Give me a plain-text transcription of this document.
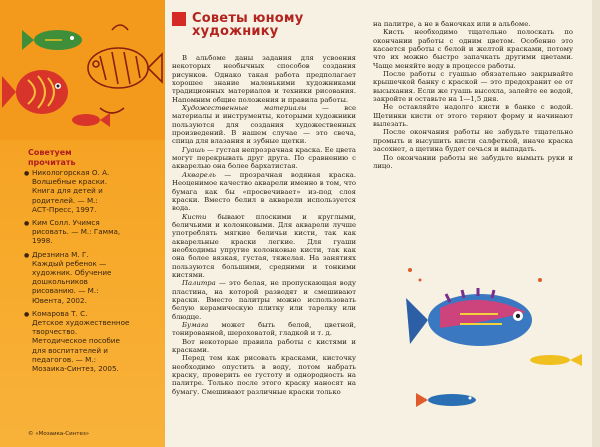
Советуем
прочитать
● Никологорская О. А.
Волшебные краски.
Книга для детей и
родителей. — М.:
АСТ-Пресс, 1997.
● Ким Солл. Учимся
рисовать. — М.: Гамма,
1998.
● Дрезнина М. Г.
Каждый ребенок —
художник. Обучение
дошкольников
рисованию. — М.:
Ювента, 2002.
● Комарова Т. С.
Детское художественное
творчество.
Методическое пособие
для воспитателей и
педагогов. — М.:
Мозаика-Синтез, 2005.
© «Мозаика-Синтез»
Советы юному
художнику

В альбоме даны задания для усвоения некоторых необычных способов создания рисунков. Однако такая работа предполагает хорошее знание маленькими художниками традиционных материалов и техники рисования. Напомним общие положения и правила работы.

Художественные материалы — все материалы и инструменты, которыми художники пользуются для создания художественных произведений. В нашем случае — это свеча, спица для влазания и зубные щетки.

Гуашь — густая непрозрачная краска. Ее цвета могут перекрывать друг друга. По сравнению с акварелью она более бархатистая.

Акварель — прозрачная водяная краска. Неоценимое качество акварели именно в том, что бумага как бы «просвечивает» из-под слоя краски. Вместо белил в акварели используется вода.

Кисти бывают плоскими и круглыми, беличьими и колонковыми. Для акварели лучше употреблять мягкие беличьи кисти, так как акварельные краски легкие. Для гуаши необходимы упругие колонковые кисти, так как она более вязкая, густая, тяжелая. На занятиях пользуются большими, средними и тонкими кистями.

Палитра — это белая, не пропускающая воду пластина, на которой разводят и смешивают краски. Вместо палитры можно использовать белую керамическую плитку или тарелку или блюдце.

Бумага может быть белой, цветной, тонированной, шероховатой, гладкой и т. д.

Вот некоторые правила работы с кистями и красками.

Перед тем как рисовать красками, кисточку необходимо опустить в воду, потом набрать краску, проверить ее густоту и однородность на палитре. Только после этого краску наносят на бумагу. Смешивают различные краски только

на палитре, а не в баночках или в альбоме.

Кисть необходимо тщательно полоскать по окончании работы с одним цветом. Особенно это касается работы с белой и желтой красками, потому что их можно быстро запачкать другими цветами. Чаще меняйте воду в процессе работы.

После работы с гуашью обязательно закрывайте крышечкой банку с краской — это предохранит ее от высыхания. Если же гуашь высохла, залейте ее водой, закройте и оставьте на 1—1,5 дня.

Не оставляйте надолго кисти в банке с водой. Щетинки кисти от этого теряют форму и начинают вылезать.

После окончания работы не забудьте тщательно промыть и высушить кисти салфеткой, иначе краска засохнет, а щетина будет сечься и выпадать.

По окончании работы не забудьте вымыть руки и лицо.
